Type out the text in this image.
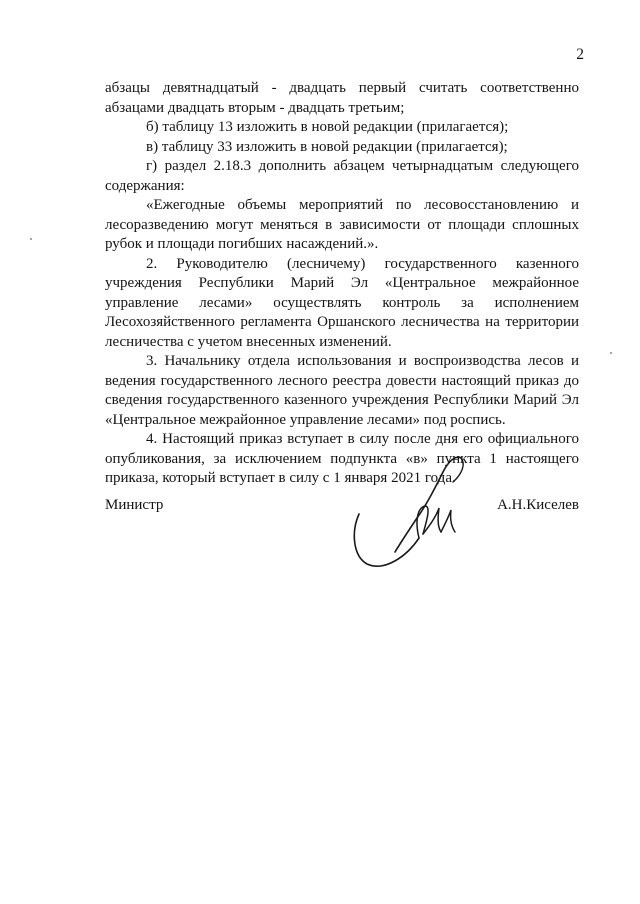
2

абзацы девятнадцатый - двадцать первый считать соответственно абзацами двадцать вторым - двадцать третьим;

б) таблицу 13 изложить в новой редакции (прилагается);

в) таблицу 33 изложить в новой редакции (прилагается);

г) раздел 2.18.3 дополнить абзацем четырнадцатым следующего содержания:

«Ежегодные объемы мероприятий по лесовосстановлению и лесоразведению могут меняться в зависимости от площади сплошных рубок и площади погибших насаждений.».

2. Руководителю (лесничему) государственного казенного учреждения Республики Марий Эл «Центральное межрайонное управление лесами» осуществлять контроль за исполнением Лесохозяйственного регламента Оршанского лесничества на территории лесничества с учетом внесенных изменений.

3. Начальнику отдела использования и воспроизводства лесов и ведения государственного лесного реестра довести настоящий приказ до сведения государственного казенного учреждения Республики Марий Эл «Центральное межрайонное управление лесами» под роспись.

4. Настоящий приказ вступает в силу после дня его официального опубликования, за исключением подпункта «в» пункта 1 настоящего приказа, который вступает в силу с 1 января 2021 года.

Министр	А.Н.Киселев
